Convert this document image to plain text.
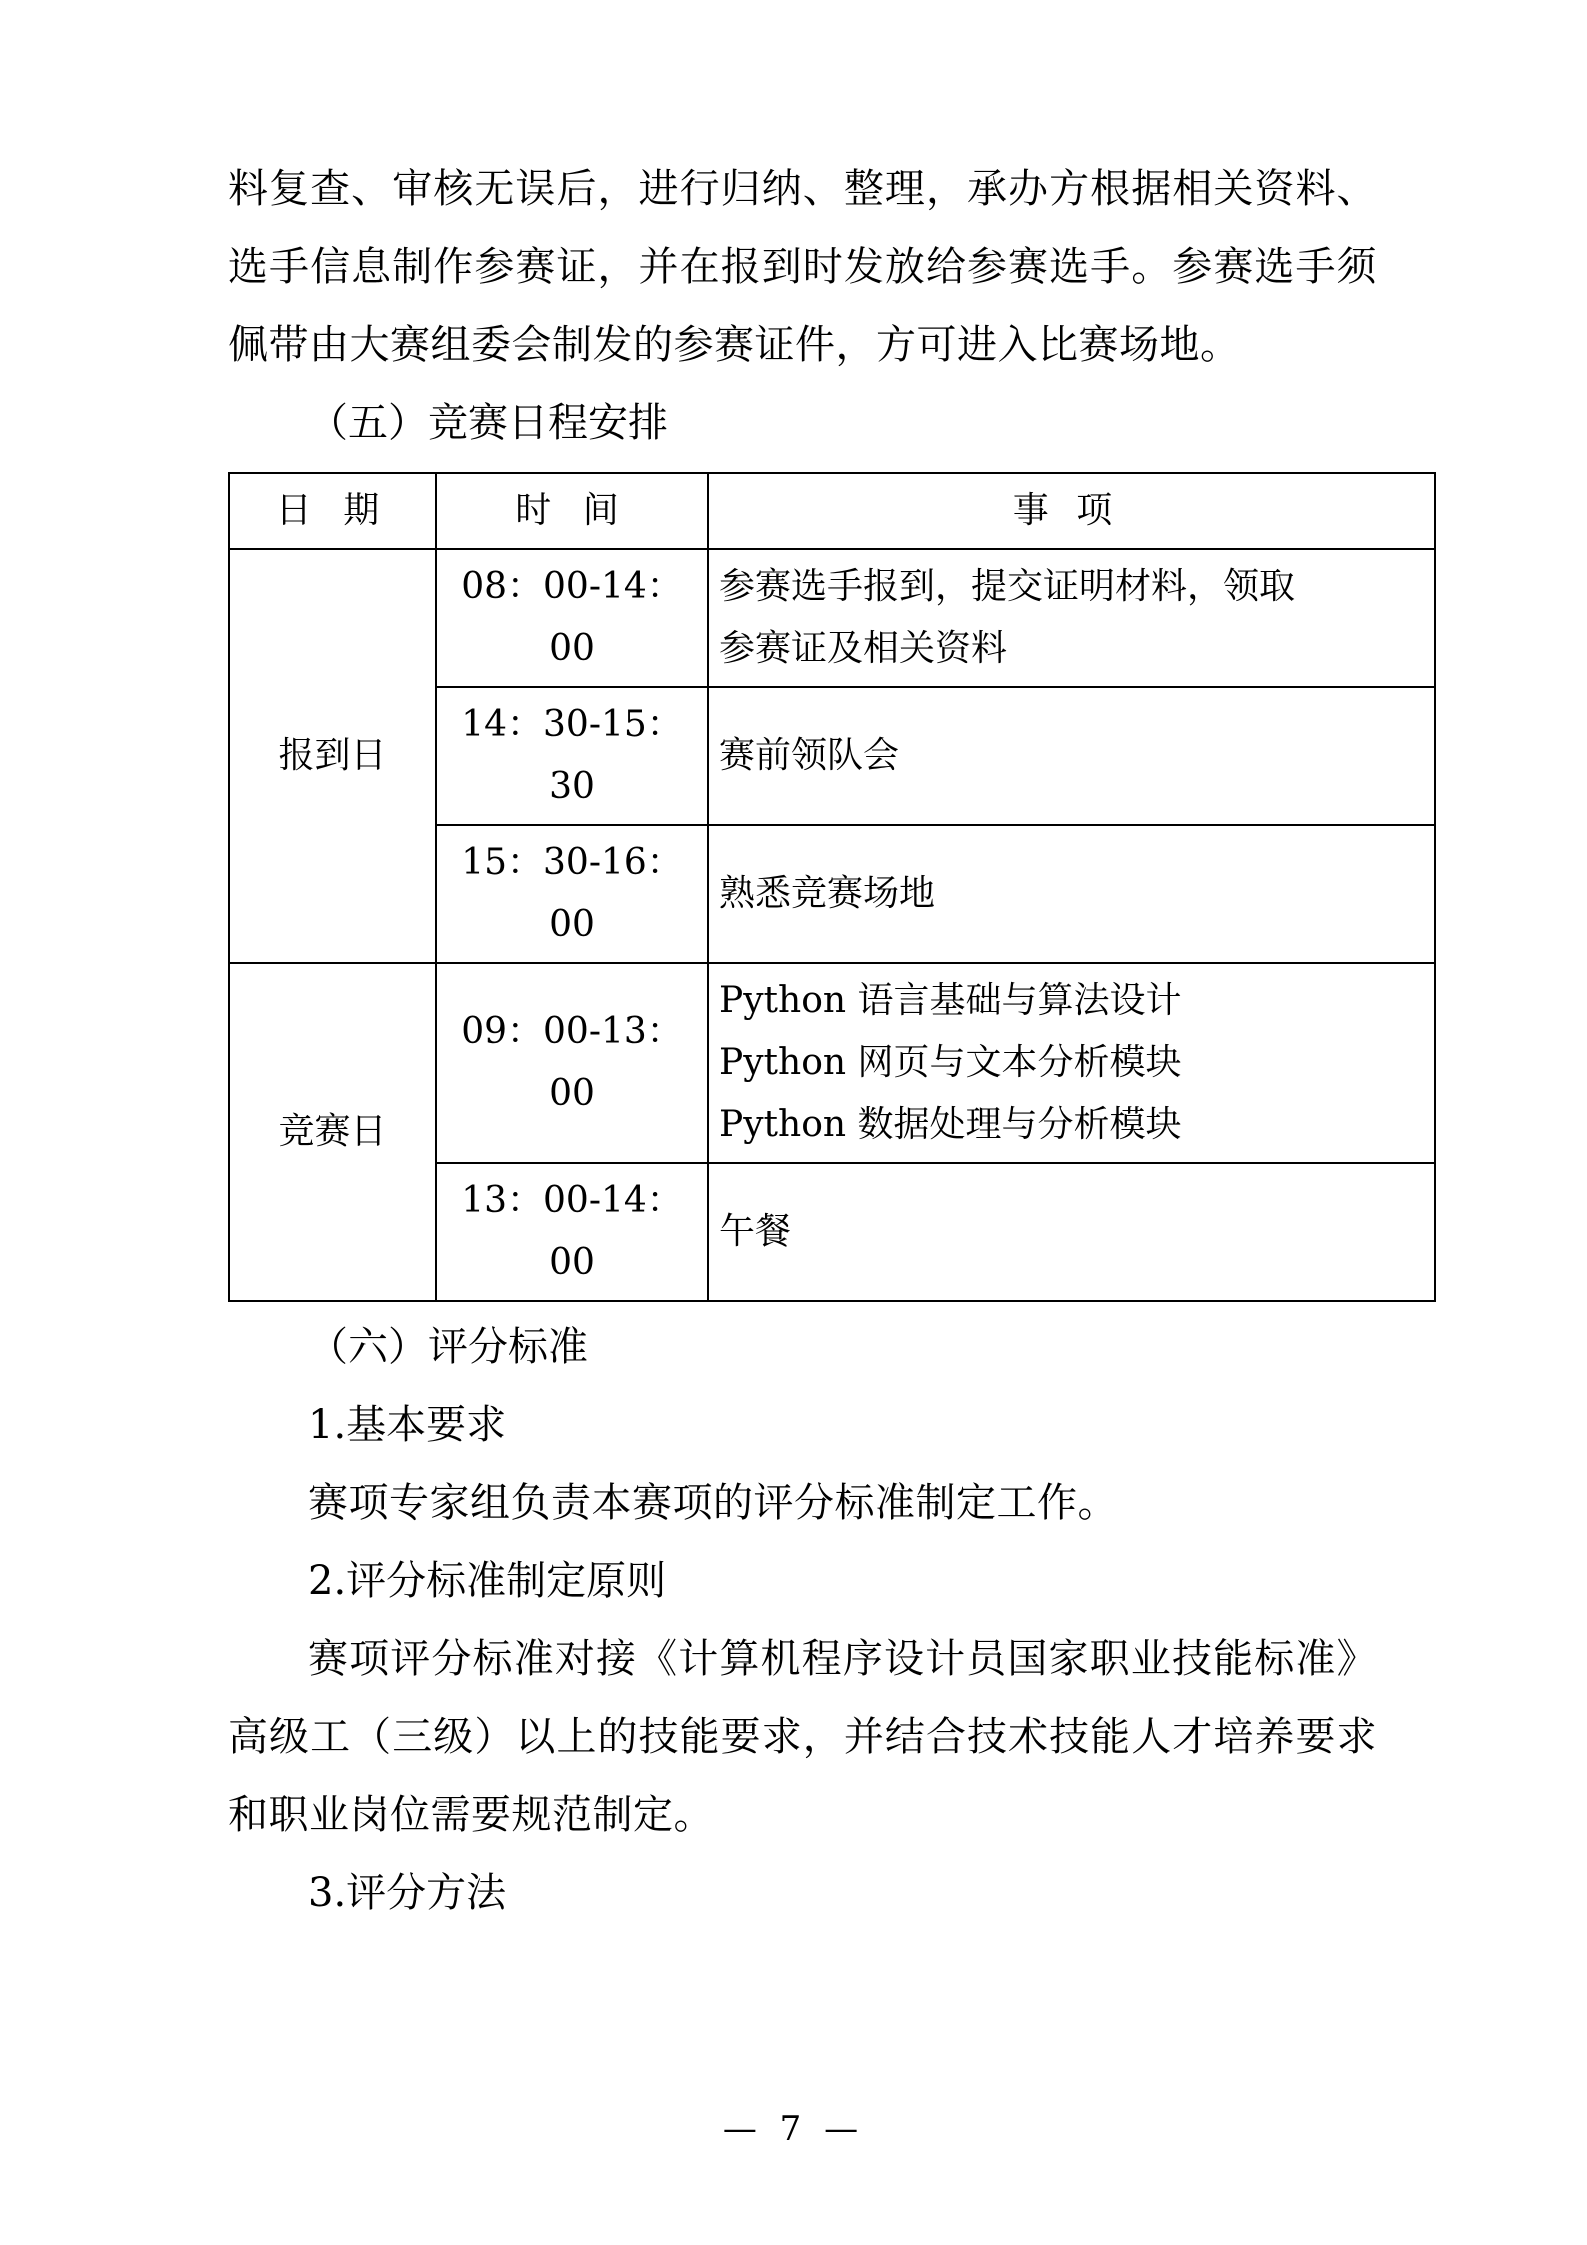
料复查、审核无误后，进行归纳、整理，承办方根据相关资料、选手信息制作参赛证，并在报到时发放给参赛选手。参赛选手须佩带由大赛组委会制发的参赛证件，方可进入比赛场地。

（五）竞赛日程安排

日 期	时 间	事 项
报到日	08：00-14：00	参赛选手报到，提交证明材料，领取
参赛证及相关资料

	14：30-15：30	赛前领队会
	15：30-16：00	熟悉竞赛场地
竞赛日	09：00-13：00	Python 语言基础与算法设计
Python 网页与文本分析模块
Python 数据处理与分析模块

	13：00-14：00	午餐

（六）评分标准

1.基本要求

赛项专家组负责本赛项的评分标准制定工作。

2.评分标准制定原则

赛项评分标准对接《计算机程序设计员国家职业技能标准》高级工（三级）以上的技能要求，并结合技术技能人才培养要求和职业岗位需要规范制定。

3.评分方法

— 7 —
